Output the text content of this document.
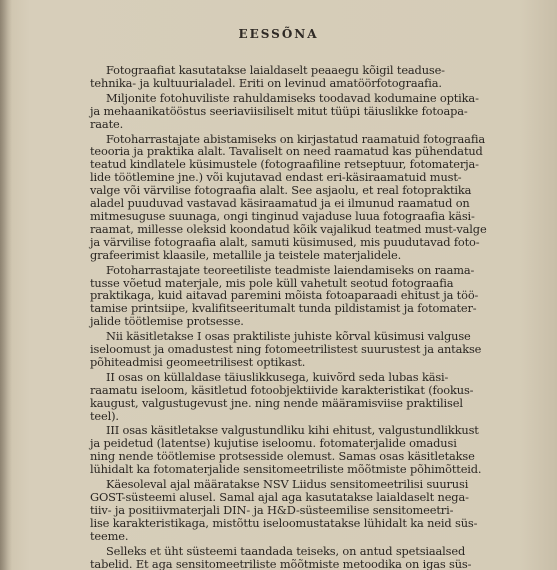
EESSÕNA

Fotograafiat kasutatakse laialdaselt peaaegu kõigil teaduse-
tehnika- ja kultuurialadel. Eriti on levinud amatöörfotograafia.

Miljonite fotohuviliste rahuldamiseks toodavad kodumaine optika-
ja mehaanikatööstus seeriaviisiliselt mitut tüüpi täiuslikke fotoapa-
raate.

Fotoharrastajate abistamiseks on kirjastatud raamatuid fotograafia
teooria ja praktika alalt. Tavaliselt on need raamatud kas pühendatud
teatud kindlatele küsimustele (fotograafiline retseptuur, fotomaterja-
lide töötlemine jne.) või kujutavad endast eri-käsiraamatuid must-
valge või värvilise fotograafia alalt. See asjaolu, et real fotopraktika
aladel puuduvad vastavad käsiraamatud ja ei ilmunud raamatud on
mitmesuguse suunaga, ongi tinginud vajaduse luua fotograafia käsi-
raamat, millesse oleksid koondatud kõik vajalikud teatmed must-valge
ja värvilise fotograafia alalt, samuti küsimused, mis puudutavad foto-
grafeerimist klaasile, metallile ja teistele materjalidele.

Fotoharrastajate teoreetiliste teadmiste laiendamiseks on raama-
tusse võetud materjale, mis pole küll vahetult seotud fotograafia
praktikaga, kuid aitavad paremini mõista fotoaparaadi ehitust ja töö-
tamise printsiipe, kvalifitseeritumalt tunda pildistamist ja fotomater-
jalide töötlemise protsesse.

Nii käsitletakse I osas praktiliste juhiste kõrval küsimusi valguse
iseloomust ja omadustest ning fotomeetrilistest suurustest ja antakse
põhiteadmisi geomeetrilisest optikast.

II osas on küllaldase täiuslikkusega, kuivõrd seda lubas käsi-
raamatu iseloom, käsitletud fotoobjektiivide karakteristikat (fookus-
kaugust, valgustugevust jne. ning nende määramisviise praktilisel
teel).

III osas käsitletakse valgustundliku kihi ehitust, valgustundlikkust
ja peidetud (latentse) kujutise iseloomu. fotomaterjalide omadusi
ning nende töötlemise protsesside olemust. Samas osas käsitletakse
lühidalt ka fotomaterjalide sensitomeetriliste mõõtmiste põhimõtteid.

Käesoleval ajal määratakse NSV Liidus sensitomeetrilisi suurusi
GOST-süsteemi alusel. Samal ajal aga kasutatakse laialdaselt nega-
tiiv- ja positiivmaterjali DIN- ja H&D-süsteemilise sensitomeetri-
lise karakteristikaga, mistõttu iseloomustatakse lühidalt ka neid süs-
teeme.

Selleks et üht süsteemi taandada teiseks, on antud spetsiaalsed
tabelid. Et aga sensitomeetriliste mõõtmiste metoodika on igas süs-
